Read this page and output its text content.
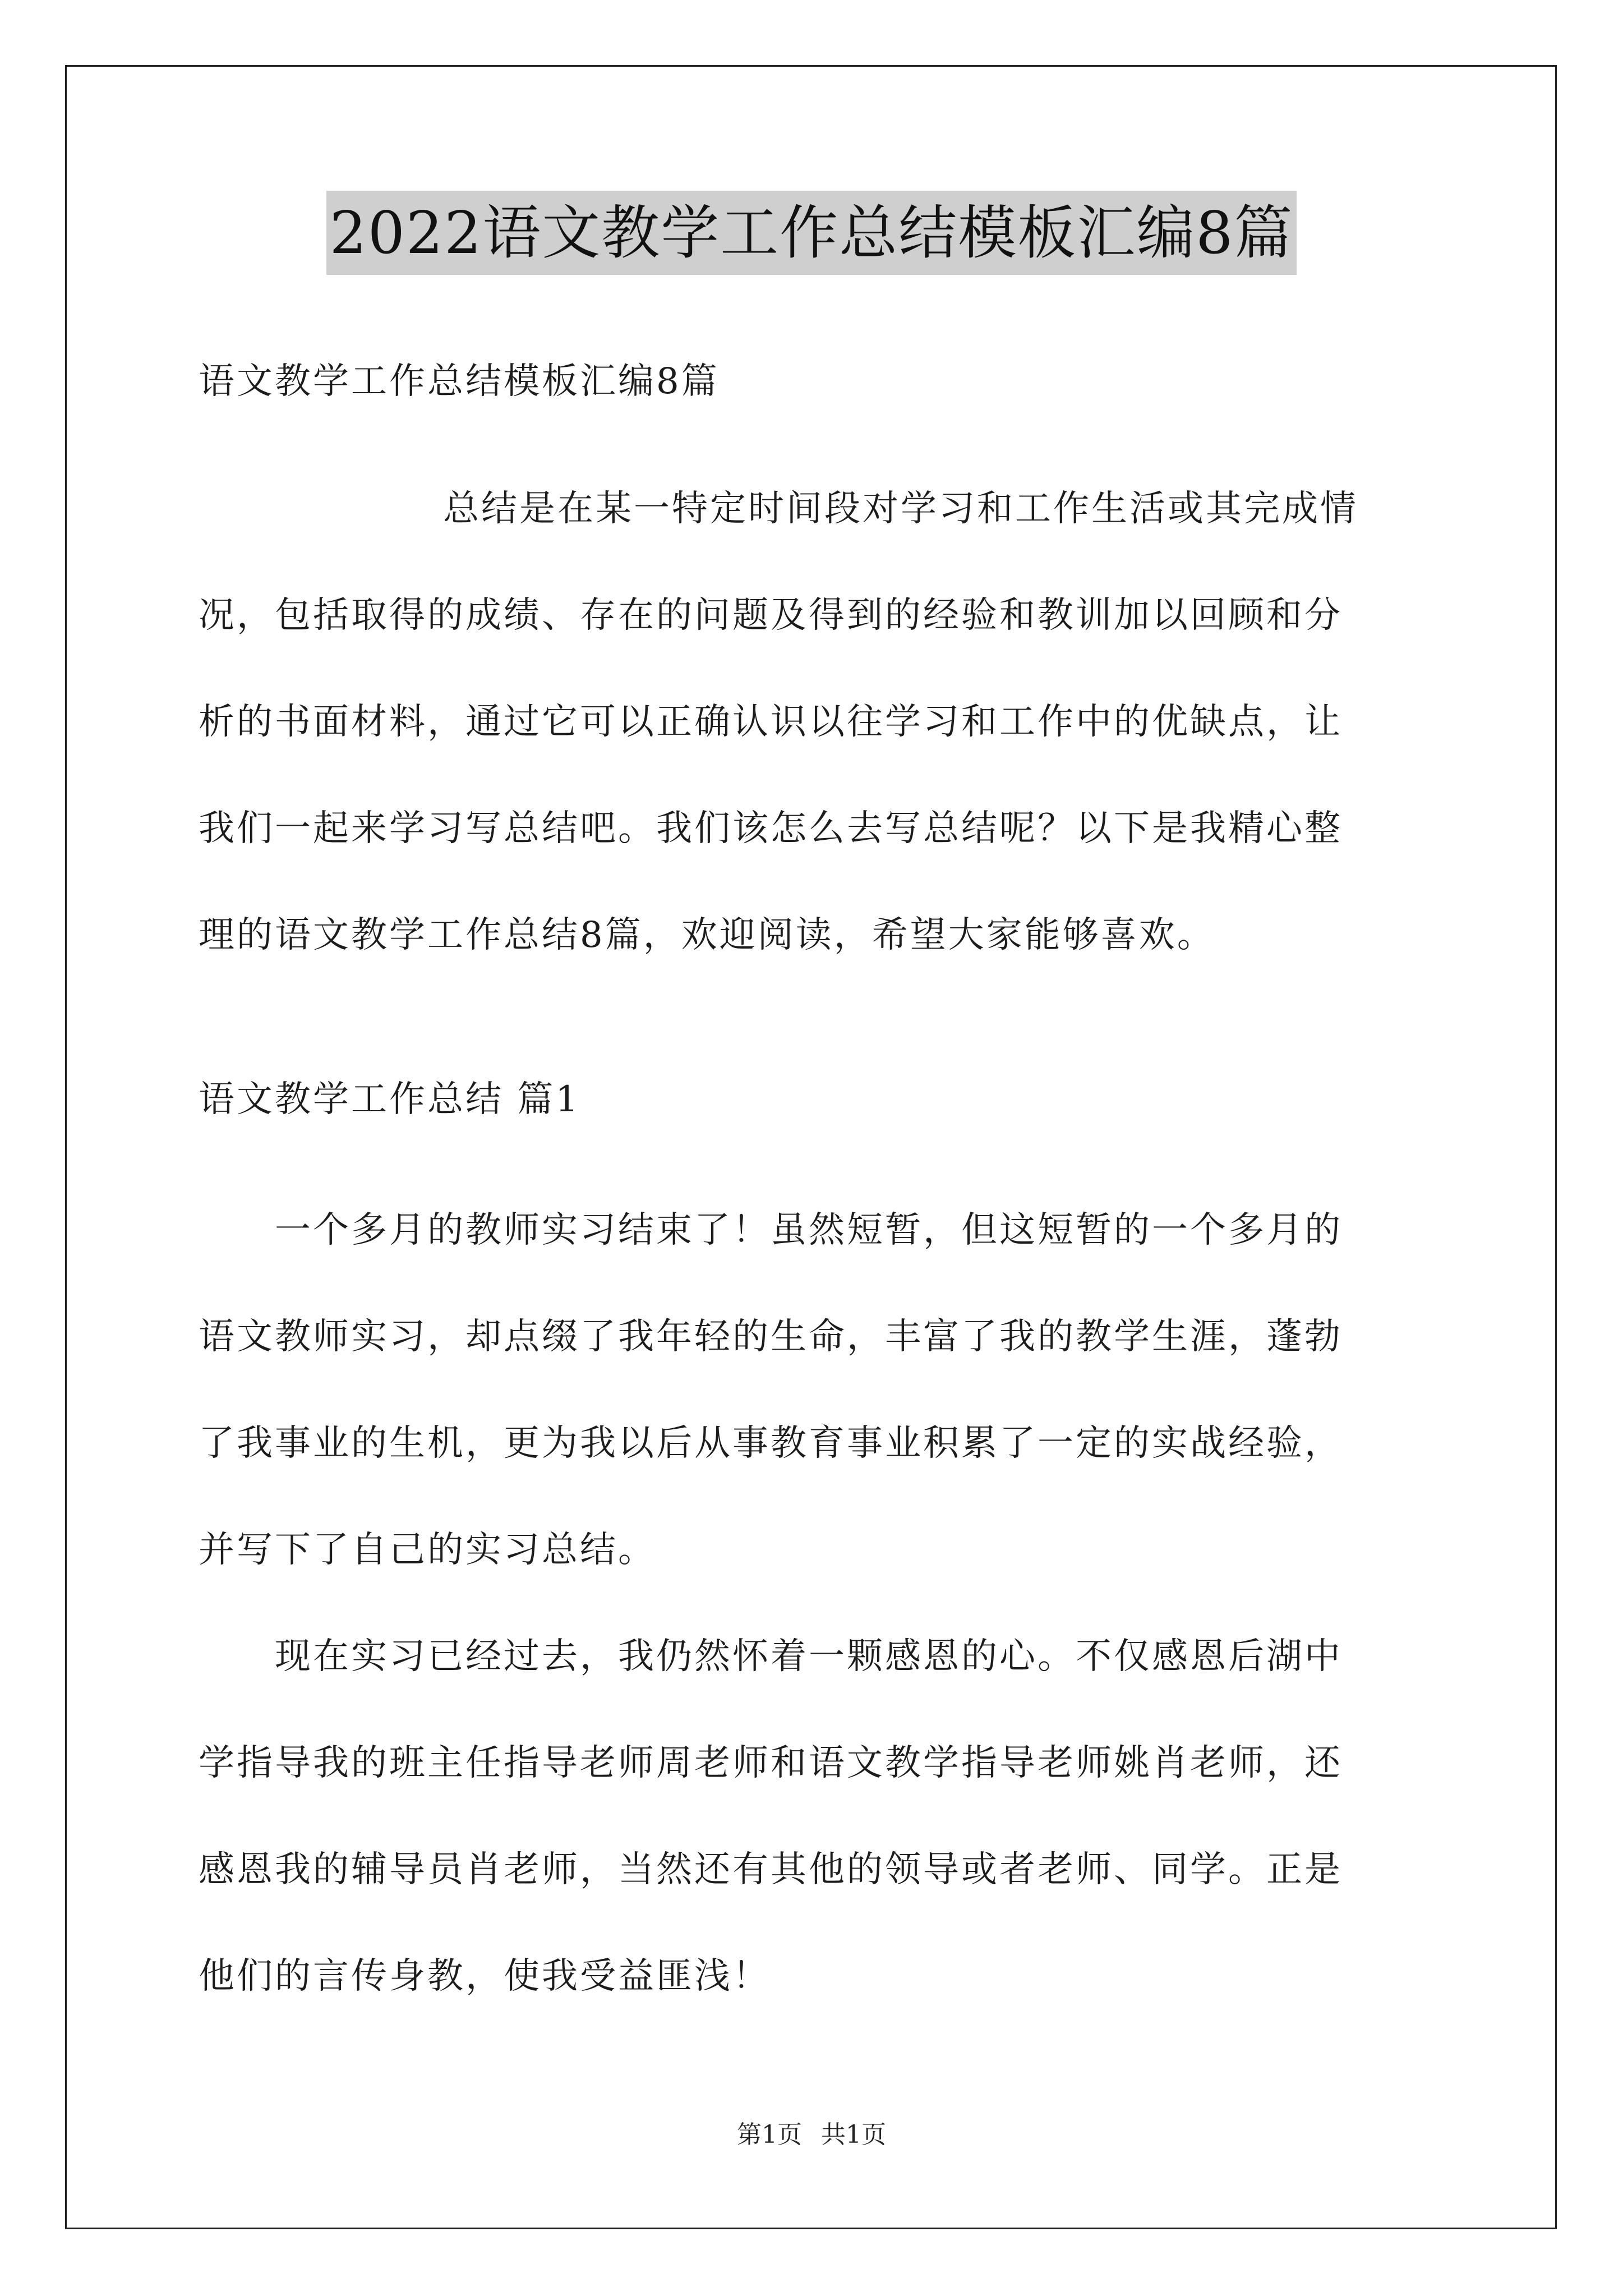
2022语文教学工作总结模板汇编8篇
语文教学工作总结模板汇编8篇
总结是在某一特定时间段对学习和工作生活或其完成情
况，包括取得的成绩、存在的问题及得到的经验和教训加以回顾和分
析的书面材料，通过它可以正确认识以往学习和工作中的优缺点，让
我们一起来学习写总结吧。我们该怎么去写总结呢？以下是我精心整
理的语文教学工作总结8篇，欢迎阅读，希望大家能够喜欢。
语文教学工作总结 篇1
一个多月的教师实习结束了！虽然短暂，但这短暂的一个多月的
语文教师实习，却点缀了我年轻的生命，丰富了我的教学生涯，蓬勃
了我事业的生机，更为我以后从事教育事业积累了一定的实战经验，
并写下了自己的实习总结。
现在实习已经过去，我仍然怀着一颗感恩的心。不仅感恩后湖中
学指导我的班主任指导老师周老师和语文教学指导老师姚肖老师，还
感恩我的辅导员肖老师，当然还有其他的领导或者老师、同学。正是
他们的言传身教，使我受益匪浅！
第1页 共1页
